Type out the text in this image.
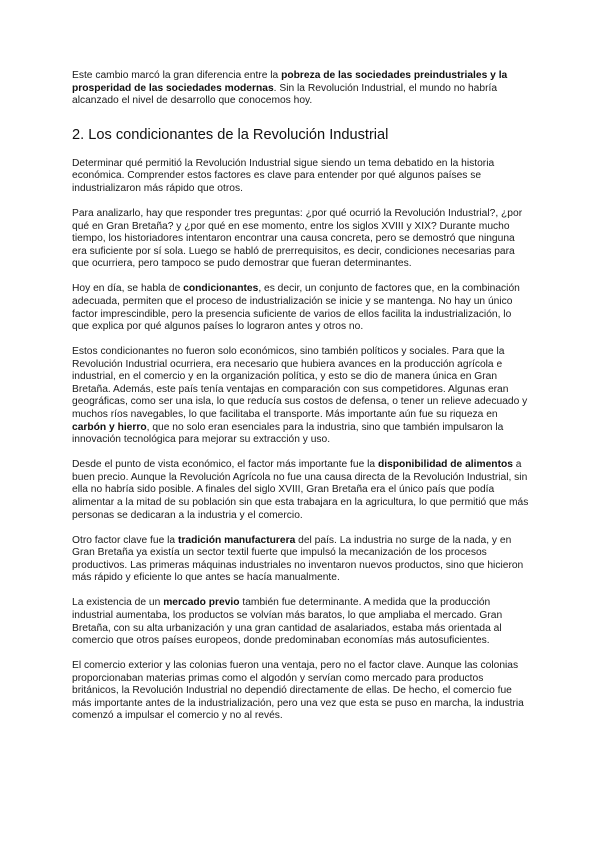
Este cambio marcó la gran diferencia entre la pobreza de las sociedades preindustriales y la prosperidad de las sociedades modernas. Sin la Revolución Industrial, el mundo no habría alcanzado el nivel de desarrollo que conocemos hoy.

2. Los condicionantes de la Revolución Industrial

Determinar qué permitió la Revolución Industrial sigue siendo un tema debatido en la historia económica. Comprender estos factores es clave para entender por qué algunos países se industrializaron más rápido que otros.

Para analizarlo, hay que responder tres preguntas: ¿por qué ocurrió la Revolución Industrial?, ¿por qué en Gran Bretaña? y ¿por qué en ese momento, entre los siglos XVIII y XIX? Durante mucho tiempo, los historiadores intentaron encontrar una causa concreta, pero se demostró que ninguna era suficiente por sí sola. Luego se habló de prerrequisitos, es decir, condiciones necesarias para que ocurriera, pero tampoco se pudo demostrar que fueran determinantes.

Hoy en día, se habla de condicionantes, es decir, un conjunto de factores que, en la combinación adecuada, permiten que el proceso de industrialización se inicie y se mantenga. No hay un único factor imprescindible, pero la presencia suficiente de varios de ellos facilita la industrialización, lo que explica por qué algunos países lo lograron antes y otros no.

Estos condicionantes no fueron solo económicos, sino también políticos y sociales. Para que la Revolución Industrial ocurriera, era necesario que hubiera avances en la producción agrícola e industrial, en el comercio y en la organización política, y esto se dio de manera única en Gran Bretaña. Además, este país tenía ventajas en comparación con sus competidores. Algunas eran geográficas, como ser una isla, lo que reducía sus costos de defensa, o tener un relieve adecuado y muchos ríos navegables, lo que facilitaba el transporte. Más importante aún fue su riqueza en carbón y hierro, que no solo eran esenciales para la industria, sino que también impulsaron la innovación tecnológica para mejorar su extracción y uso.

Desde el punto de vista económico, el factor más importante fue la disponibilidad de alimentos a buen precio. Aunque la Revolución Agrícola no fue una causa directa de la Revolución Industrial, sin ella no habría sido posible. A finales del siglo XVIII, Gran Bretaña era el único país que podía alimentar a la mitad de su población sin que esta trabajara en la agricultura, lo que permitió que más personas se dedicaran a la industria y el comercio.

Otro factor clave fue la tradición manufacturera del país. La industria no surge de la nada, y en Gran Bretaña ya existía un sector textil fuerte que impulsó la mecanización de los procesos productivos. Las primeras máquinas industriales no inventaron nuevos productos, sino que hicieron más rápido y eficiente lo que antes se hacía manualmente.

La existencia de un mercado previo también fue determinante. A medida que la producción industrial aumentaba, los productos se volvían más baratos, lo que ampliaba el mercado. Gran Bretaña, con su alta urbanización y una gran cantidad de asalariados, estaba más orientada al comercio que otros países europeos, donde predominaban economías más autosuficientes.

El comercio exterior y las colonias fueron una ventaja, pero no el factor clave. Aunque las colonias proporcionaban materias primas como el algodón y servían como mercado para productos británicos, la Revolución Industrial no dependió directamente de ellas. De hecho, el comercio fue más importante antes de la industrialización, pero una vez que esta se puso en marcha, la industria comenzó a impulsar el comercio y no al revés.
